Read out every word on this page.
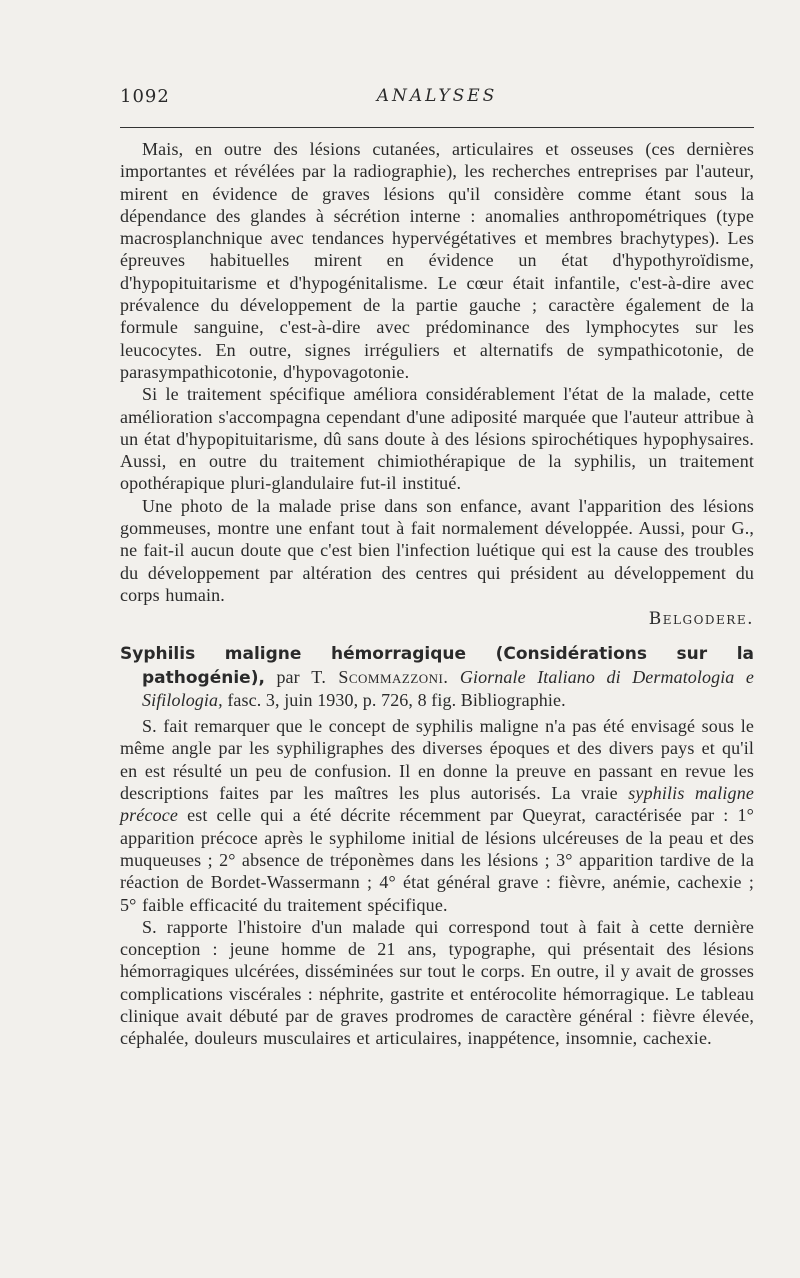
1092	ANALYSES

Mais, en outre des lésions cutanées, articulaires et osseuses (ces dernières importantes et révélées par la radiographie), les recherches entreprises par l'auteur, mirent en évidence de graves lésions qu'il considère comme étant sous la dépendance des glandes à sécrétion interne : anomalies anthropométriques (type macrosplanchnique avec tendances hypervégétatives et membres brachytypes). Les épreuves habituelles mirent en évidence un état d'hypothyroïdisme, d'hypopituitarisme et d'hypogénitalisme. Le cœur était infantile, c'est-à-dire avec prévalence du développement de la partie gauche ; caractère également de la formule sanguine, c'est-à-dire avec prédominance des lymphocytes sur les leucocytes. En outre, signes irréguliers et alternatifs de sympathicotonie, de parasympathicotonie, d'hypovagotonie.

Si le traitement spécifique améliora considérablement l'état de la malade, cette amélioration s'accompagna cependant d'une adiposité marquée que l'auteur attribue à un état d'hypopituitarisme, dû sans doute à des lésions spirochétiques hypophysaires. Aussi, en outre du traitement chimiothérapique de la syphilis, un traitement opothérapique pluri-glandulaire fut-il institué.

Une photo de la malade prise dans son enfance, avant l'apparition des lésions gommeuses, montre une enfant tout à fait normalement développée. Aussi, pour G., ne fait-il aucun doute que c'est bien l'infection luétique qui est la cause des troubles du développement par altération des centres qui président au développement du corps humain.

Belgodere.
Syphilis maligne hémorragique (Considérations sur la pathogénie), par T. Scommazzoni. Giornale Italiano di Dermatologia e Sifilologia, fasc. 3, juin 1930, p. 726, 8 fig. Bibliographie.

S. fait remarquer que le concept de syphilis maligne n'a pas été envisagé sous le même angle par les syphiligraphes des diverses époques et des divers pays et qu'il en est résulté un peu de confusion. Il en donne la preuve en passant en revue les descriptions faites par les maîtres les plus autorisés. La vraie syphilis maligne précoce est celle qui a été décrite récemment par Queyrat, caractérisée par : 1° apparition précoce après le syphilome initial de lésions ulcéreuses de la peau et des muqueuses ; 2° absence de tréponèmes dans les lésions ; 3° apparition tardive de la réaction de Bordet-Wassermann ; 4° état général grave : fièvre, anémie, cachexie ; 5° faible efficacité du traitement spécifique.

S. rapporte l'histoire d'un malade qui correspond tout à fait à cette dernière conception : jeune homme de 21 ans, typographe, qui présentait des lésions hémorragiques ulcérées, disséminées sur tout le corps. En outre, il y avait de grosses complications viscérales : néphrite, gastrite et entérocolite hémorragique. Le tableau clinique avait débuté par de graves prodromes de caractère général : fièvre élevée, céphalée, douleurs musculaires et articulaires, inappétence, insomnie, cachexie.
